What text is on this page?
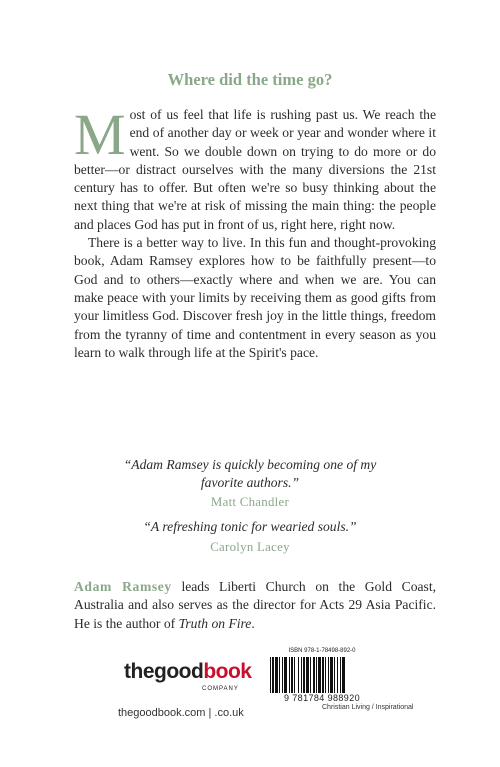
Where did the time go?

Most of us feel that life is rushing past us. We reach the end of another day or week or year and wonder where it went. So we double down on trying to do more or do better—or distract ourselves with the many diversions the 21st century has to offer. But often we're so busy thinking about the next thing that we're at risk of missing the main thing: the people and places God has put in front of us, right here, right now.

There is a better way to live. In this fun and thought-provoking book, Adam Ramsey explores how to be faithfully present—to God and to others—exactly where and when we are. You can make peace with your limits by receiving them as good gifts from your limitless God. Discover fresh joy in the little things, freedom from the tyranny of time and contentment in every season as you learn to walk through life at the Spirit's pace.

“Adam Ramsey is quickly becoming one of my favorite authors.”
Matt Chandler
“A refreshing tonic for wearied souls.”
Carolyn Lacey

Adam Ramsey leads Liberti Church on the Gold Coast, Australia and also serves as the director for Acts 29 Asia Pacific. He is the author of Truth on Fire.

thegoodbook
COMPANY
thegoodbook.com | .co.uk
ISBN 978-1-78498-892-0
9 781784 988920
Christian Living / Inspirational
